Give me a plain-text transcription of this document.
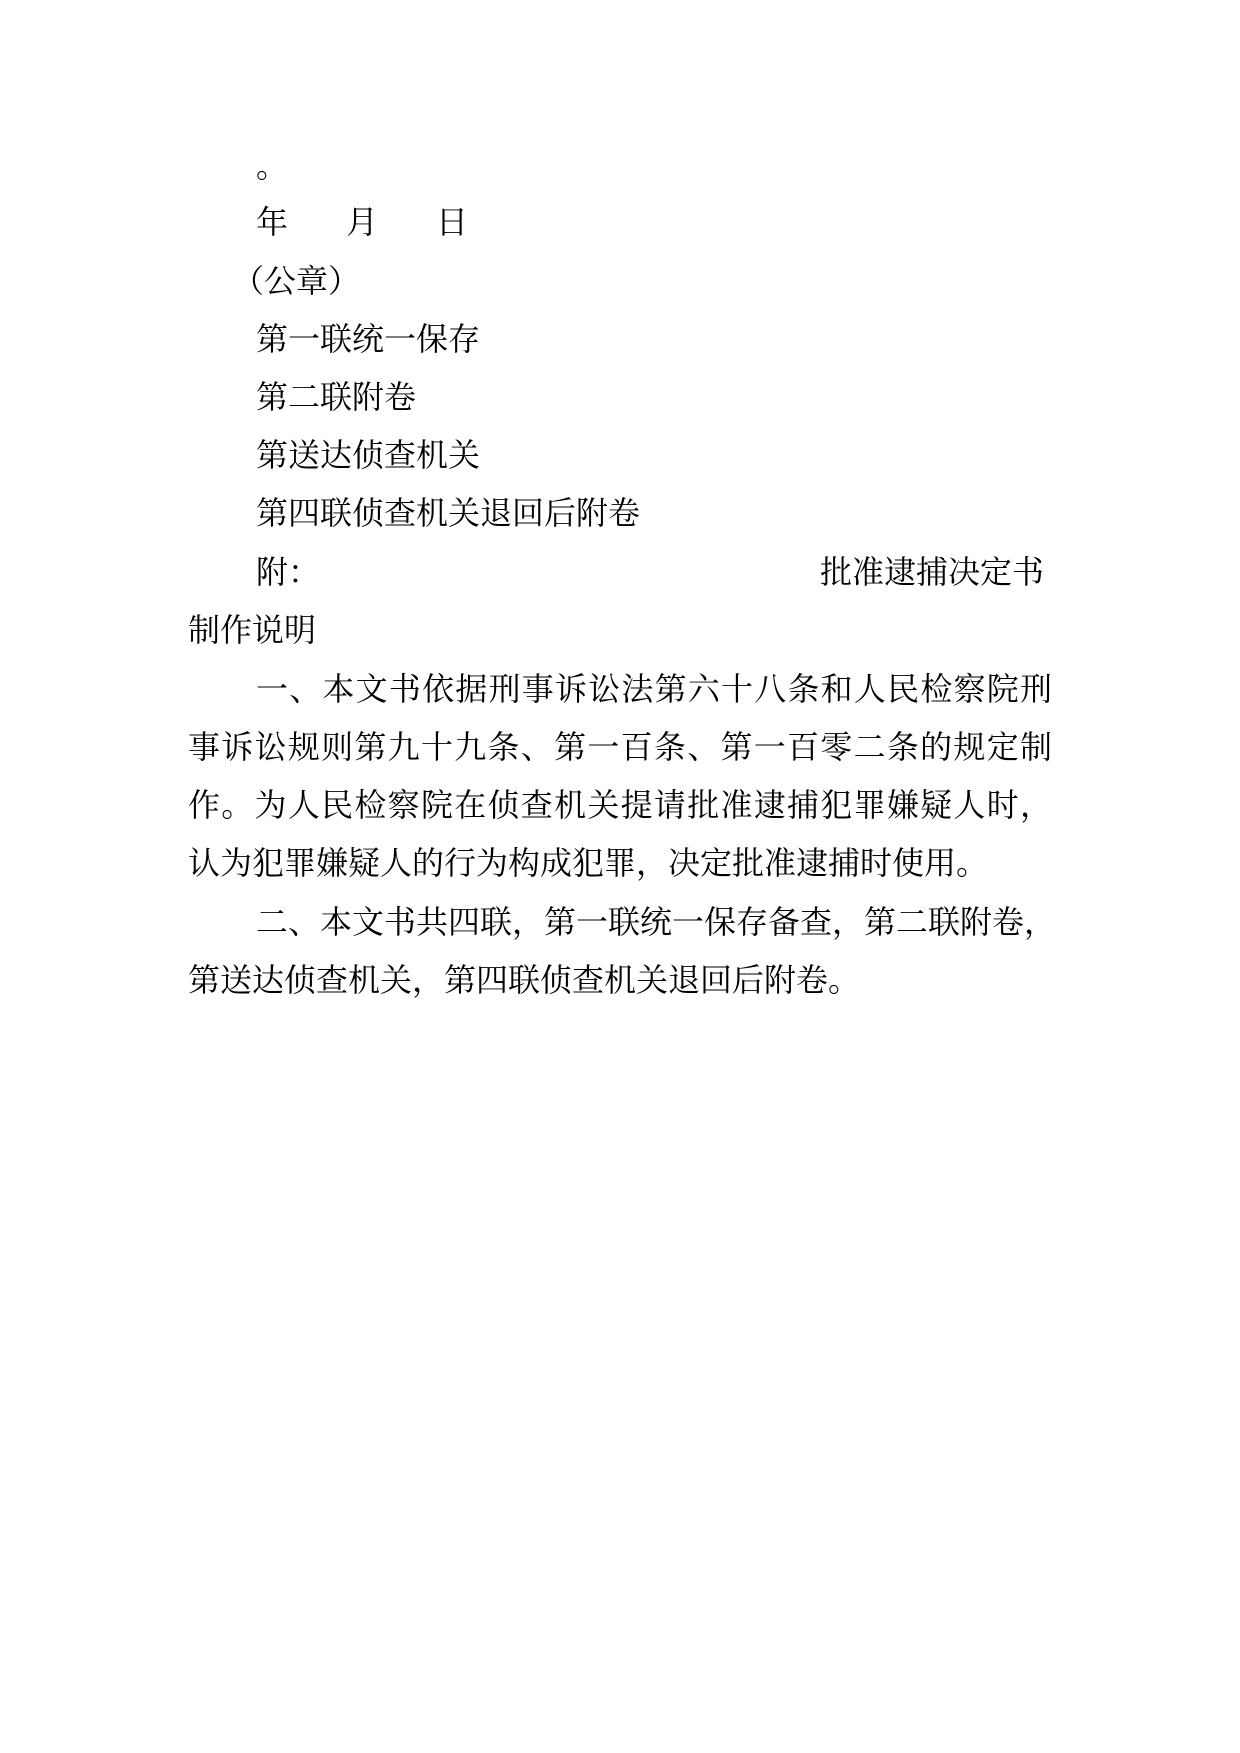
。
年 月 日
（公章）
第一联统一保存
第二联附卷
第送达侦查机关
第四联侦查机关退回后附卷
附：	批准逮捕决定书
制作说明
一、本文书依据刑事诉讼法第六十八条和人民检察院刑
事诉讼规则第九十九条、第一百条、第一百零二条的规定制
作。为人民检察院在侦查机关提请批准逮捕犯罪嫌疑人时，
认为犯罪嫌疑人的行为构成犯罪，决定批准逮捕时使用。
二、本文书共四联，第一联统一保存备查，第二联附卷，
第送达侦查机关，第四联侦查机关退回后附卷。
